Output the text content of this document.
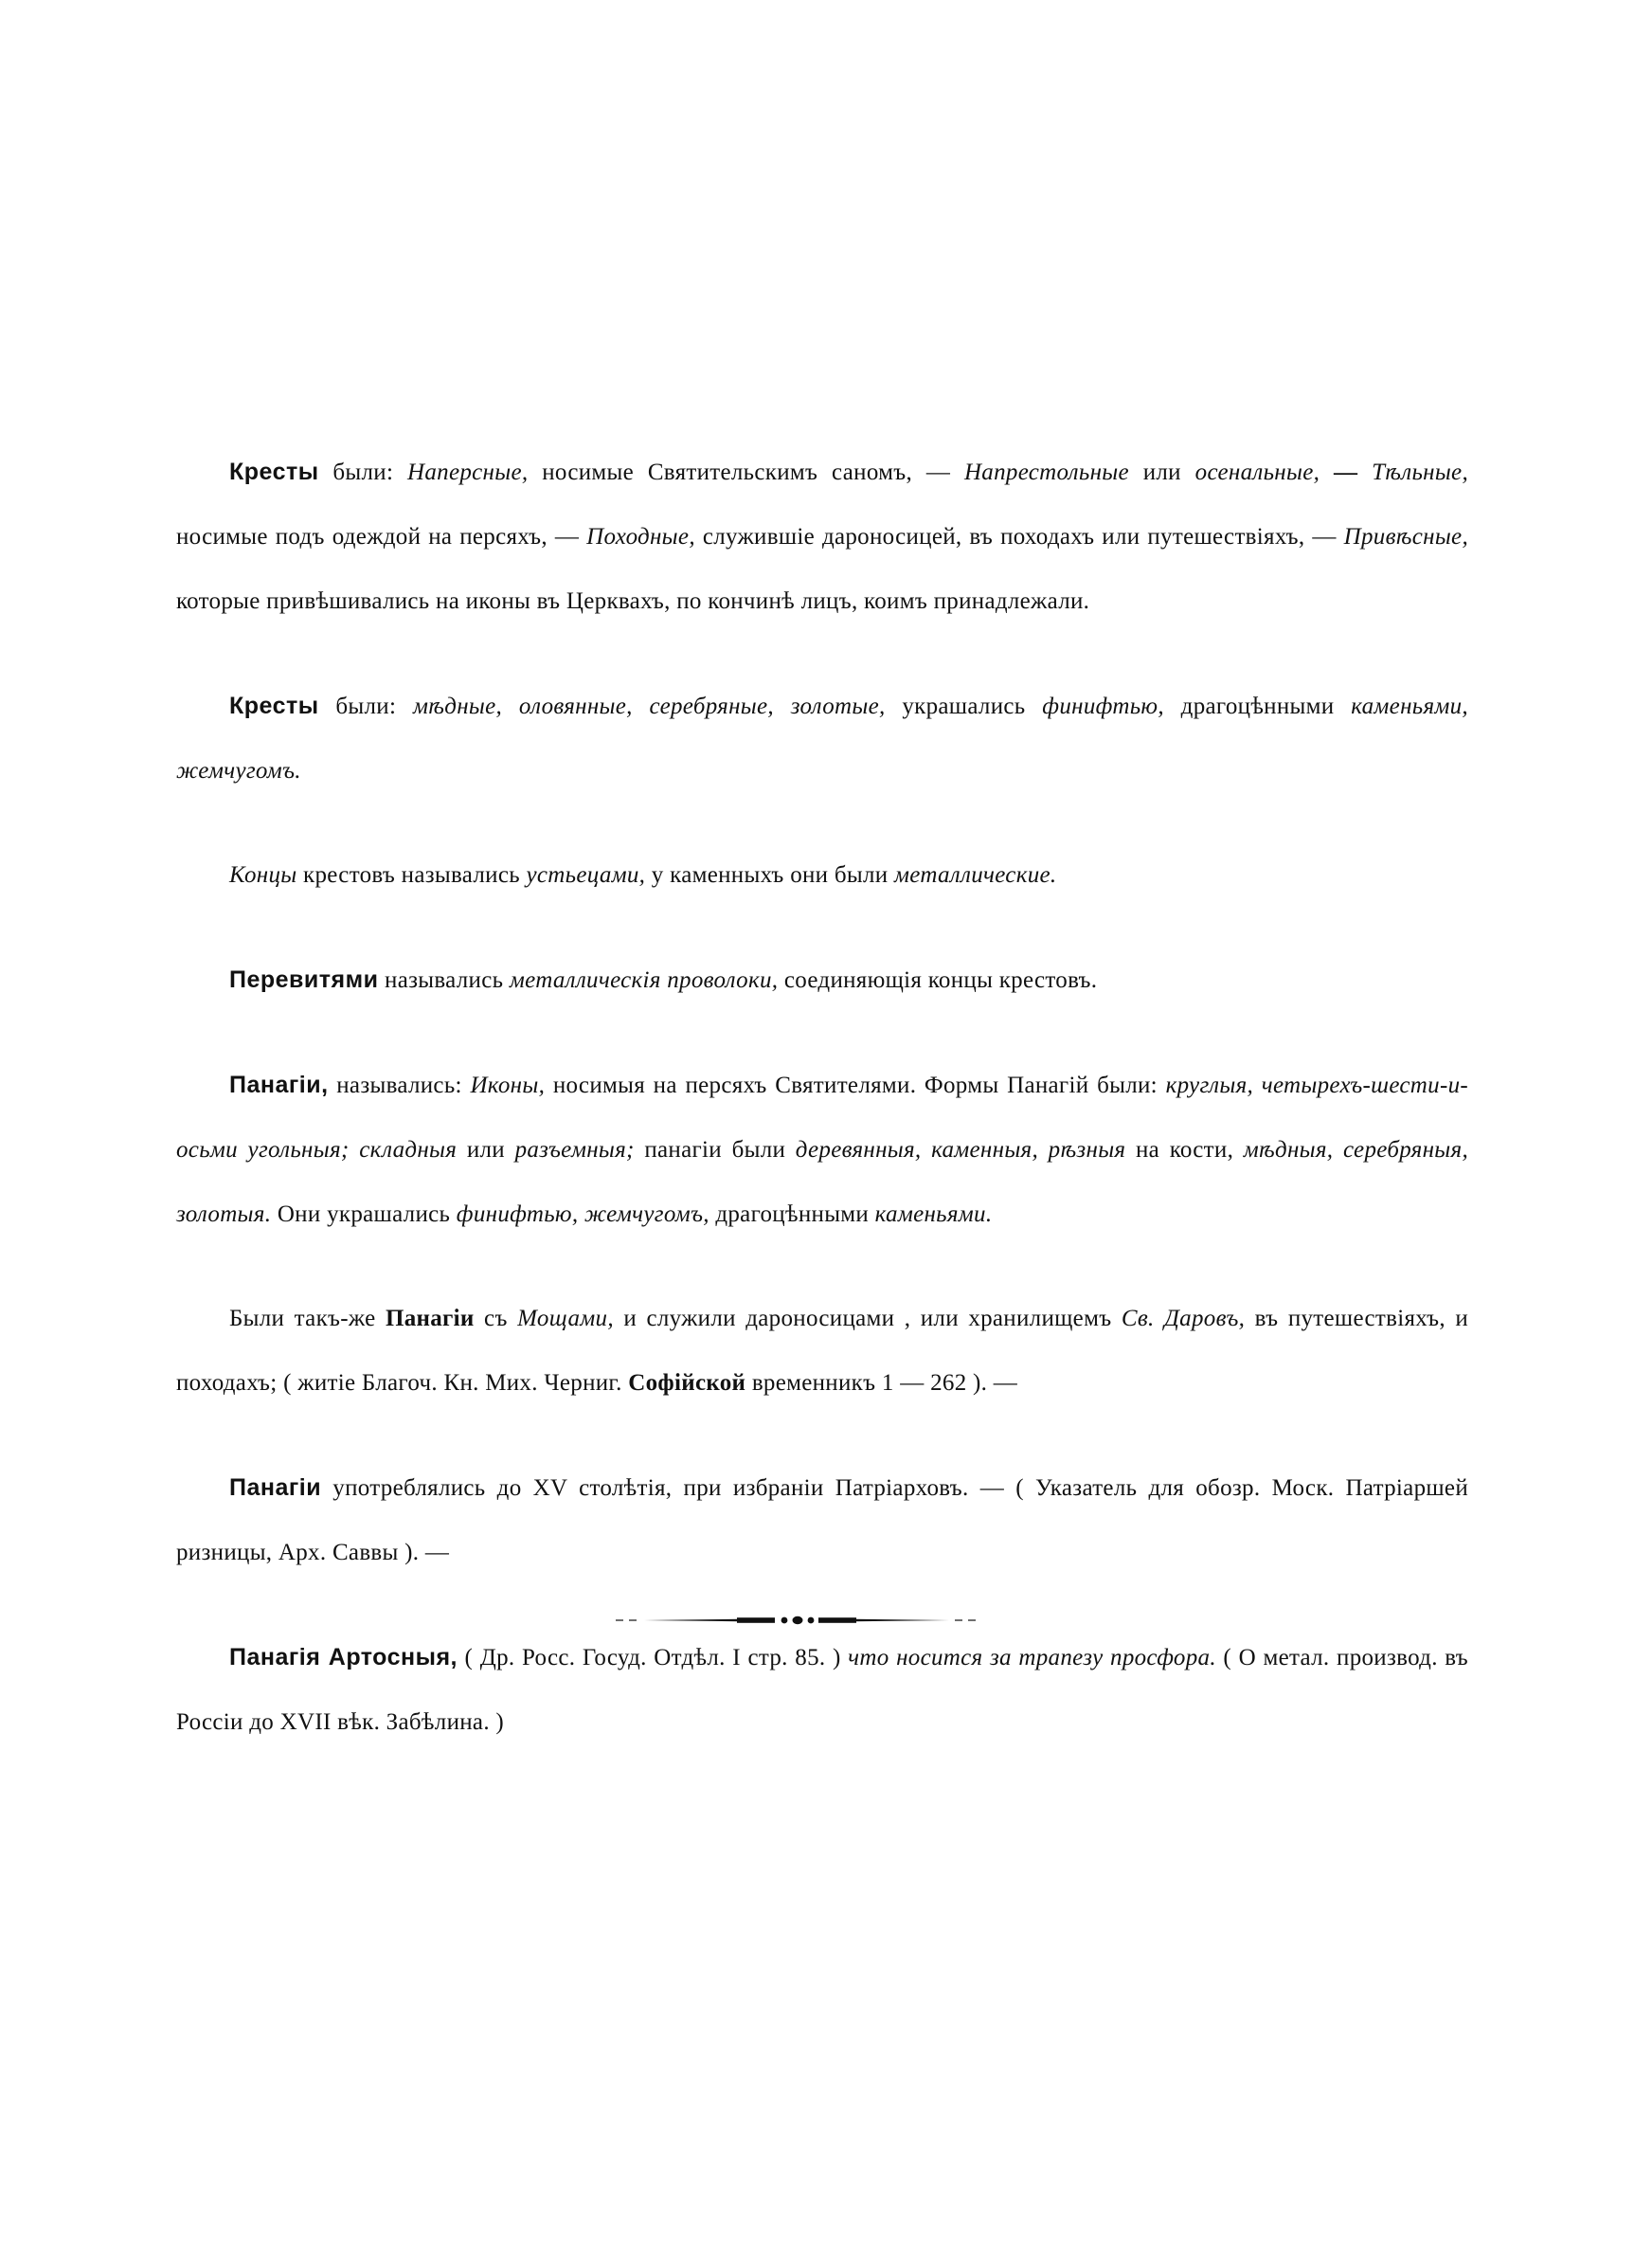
Кресты были: Наперсные, носимые Святительскимъ саномъ, — Напрестольные или осенальные, — Тѣльные, носимые подъ одеждой на персяхъ, — Походные, служившіе дароносицей, въ походахъ или путешествіяхъ, — Привѣсные, которые привѣшивались на иконы въ Церквахъ, по кончинѣ лицъ, коимъ принадлежали.

Кресты были: мѣдные, оловянные, серебряные, золотые, украшались финифтью, драгоцѣнными каменьями, жемчугомъ.

Концы крестовъ назывались устьецами, у каменныхъ они были металлические.

Перевитями назывались металлическія проволоки, соединяющія концы крестовъ.

Панагіи, назывались: Иконы, носимыя на персяхъ Святителями. Формы Панагій были: круглыя, четырехъ-шести-и-осьми угольныя; складныя или разъемныя; панагіи были деревянныя, каменныя, рѣзныя на кости, мѣдныя, серебряныя, золотыя. Они украшались финифтью, жемчугомъ, драгоцѣнными каменьями.

Были такъ-же Панагіи съ Мощами, и служили дароносицами , или хранилищемъ Св. Даровъ, въ путешествіяхъ, и походахъ; ( житіе Благоч. Кн. Мих. Черниг. Софійской временникъ 1 — 262 ). —

Панагіи употреблялись до XV столѣтія, при избраніи Патріарховъ. — ( Указатель для обозр. Моск. Патріаршей ризницы, Арх. Саввы ). —

Панагія Артосныя, ( Др. Росс. Госуд. Отдѣл. I стр. 85. ) что носится за трапезу просфора. ( О метал. производ. въ Россіи до XVII вѣк. Забѣлина. )
